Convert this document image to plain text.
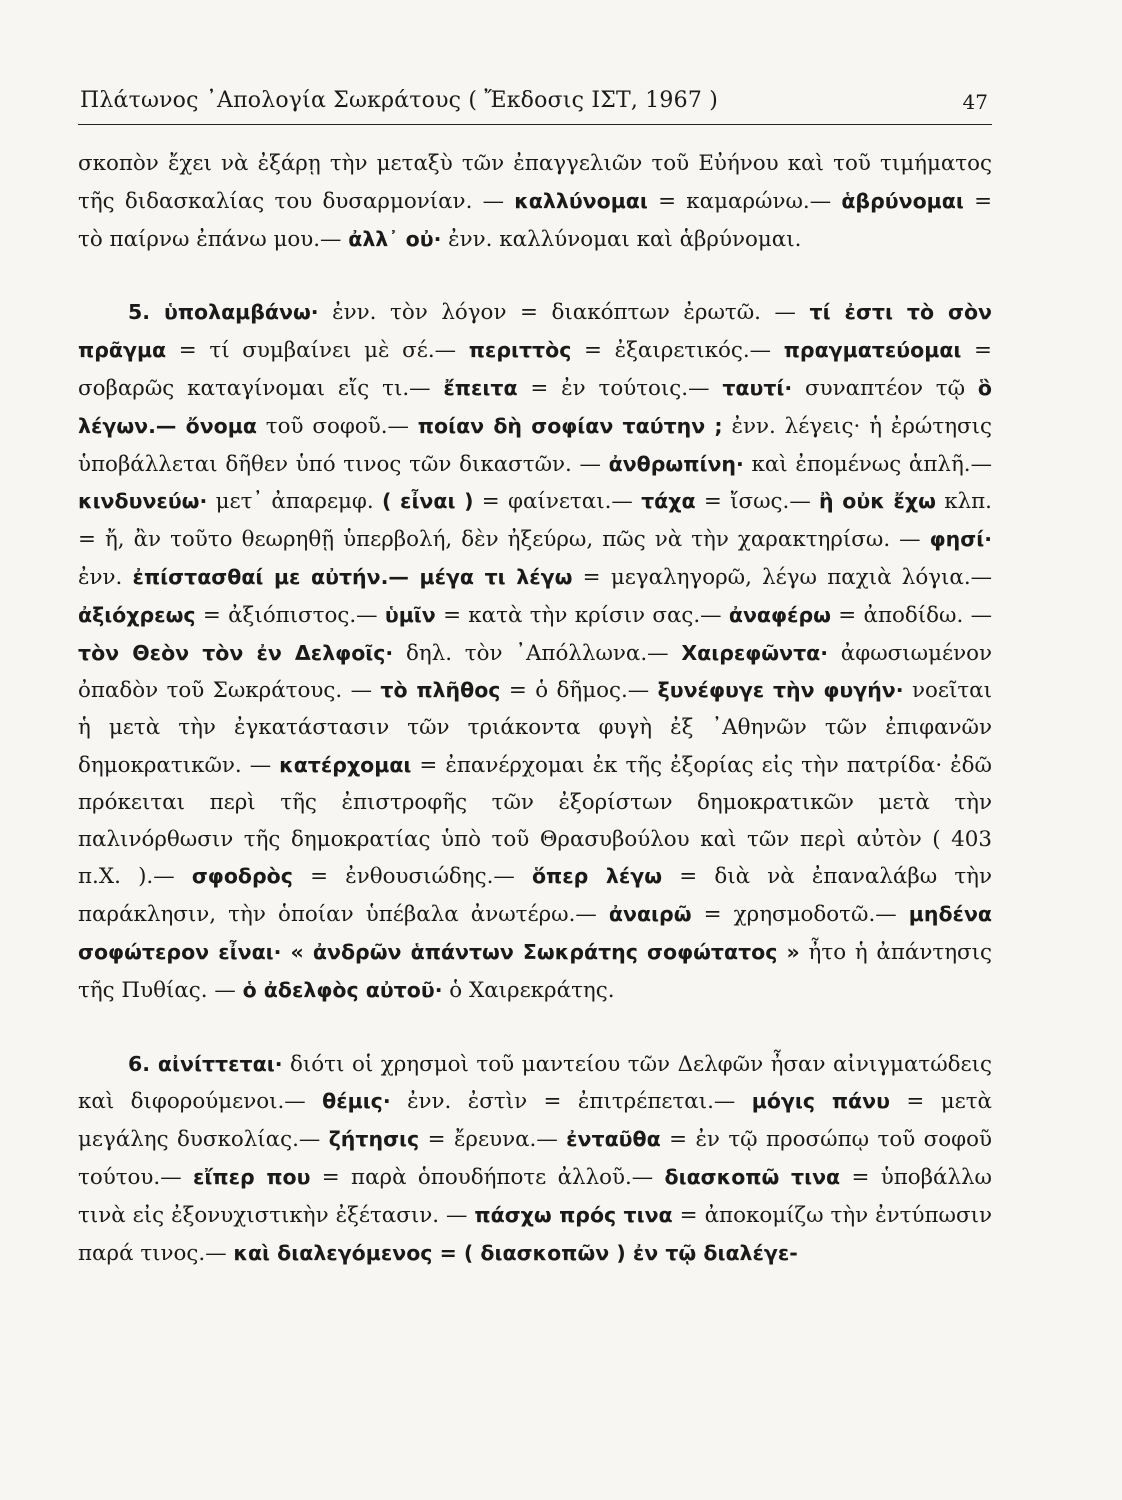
Πλάτωνος ᾿Απολογία Σωκράτους ( Ἔκδοσις ΙΣΤ, 1967 )	47

σκοπὸν ἔχει νὰ ἐξάρῃ τὴν μεταξὺ τῶν ἐπαγγελιῶν τοῦ Εὐήνου καὶ τοῦ τιμήματος τῆς διδασκαλίας του δυσαρμονίαν. — καλλύνομαι = καμαρώνω.— ἁβρύνομαι = τὸ παίρνω ἐπάνω μου.— ἀλλ᾿ οὐ· ἐνν. καλλύνομαι καὶ ἁβρύνομαι.

5. ὑπολαμβάνω· ἐνν. τὸν λόγον = διακόπτων ἐρωτῶ. — τί ἐστι τὸ σὸν πρᾶγμα = τί συμβαίνει μὲ σέ.— περιττὸς = ἐξαιρετικός.— πραγματεύομαι = σοβαρῶς καταγίνομαι εἴς τι.— ἔπειτα = ἐν τούτοις.— ταυτί· συναπτέον τῷ ὃ λέγων.— ὄνομα τοῦ σοφοῦ.— ποίαν δὴ σοφίαν ταύτην ; ἐνν. λέγεις· ἡ ἐρώτησις ὑποβάλλεται δῆθεν ὑπό τινος τῶν δικαστῶν. — ἀνθρωπίνη· καὶ ἐπομένως ἁπλῆ.— κινδυνεύω· μετ᾿ ἀπαρεμφ. ( εἶναι ) = φαίνεται.— τάχα = ἴσως.— ἢ οὐκ ἔχω κλπ. = ἤ, ἂν τοῦτο θεωρηθῇ ὑπερβολή, δὲν ἠξεύρω, πῶς νὰ τὴν χαρακτηρίσω. — φησί· ἐνν. ἐπίστασθαί με αὐτήν.— μέγα τι λέγω = μεγαληγορῶ, λέγω παχιὰ λόγια.—ἀξιόχρεως = ἀξιόπιστος.— ὑμῖν = κατὰ τὴν κρίσιν σας.— ἀναφέρω = ἀποδίδω. — τὸν Θεὸν τὸν ἐν Δελφοῖς· δηλ. τὸν ᾿Απόλλωνα.— Χαιρεφῶντα· ἀφωσιωμένον ὀπαδὸν τοῦ Σωκράτους. — τὸ πλῆθος = ὁ δῆμος.— ξυνέφυγε τὴν φυγήν· νοεῖται ἡ μετὰ τὴν ἐγκατάστασιν τῶν τριάκοντα φυγὴ ἐξ ᾿Αθηνῶν τῶν ἐπιφανῶν δημοκρατικῶν. — κατέρχομαι = ἐπανέρχομαι ἐκ τῆς ἐξορίας εἰς τὴν πατρίδα· ἐδῶ πρόκειται περὶ τῆς ἐπιστροφῆς τῶν ἐξορίστων δημοκρατικῶν μετὰ τὴν παλινόρθωσιν τῆς δημοκρατίας ὑπὸ τοῦ Θρασυβούλου καὶ τῶν περὶ αὐτὸν ( 403 π.Χ. ).— σφοδρὸς = ἐνθουσιώδης.— ὅπερ λέγω = διὰ νὰ ἐπαναλάβω τὴν παράκλησιν, τὴν ὁποίαν ὑπέβαλα ἀνωτέρω.— ἀναιρῶ = χρησμοδοτῶ.— μηδένα σοφώτερον εἶναι· « ἀνδρῶν ἁπάντων Σωκράτης σοφώτατος » ἦτο ἡ ἀπάντησις τῆς Πυθίας. — ὁ ἀδελφὸς αὐτοῦ· ὁ Χαιρεκράτης.

6. αἰνίττεται· διότι οἱ χρησμοὶ τοῦ μαντείου τῶν Δελφῶν ἦσαν αἰνιγματώδεις καὶ διφορούμενοι.— θέμις· ἐνν. ἐστὶν = ἐπιτρέπεται.— μόγις πάνυ = μετὰ μεγάλης δυσκολίας.— ζήτησις = ἔρευνα.— ἐνταῦθα = ἐν τῷ προσώπῳ τοῦ σοφοῦ τούτου.— εἴπερ που = παρὰ ὁπουδήποτε ἀλλοῦ.— διασκοπῶ τινα = ὑποβάλλω τινὰ εἰς ἐξονυχιστικὴν ἐξέτασιν. — πάσχω πρός τινα = ἀποκομίζω τὴν ἐντύπωσιν παρά τινος.— καὶ διαλεγόμενος = ( διασκοπῶν ) ἐν τῷ διαλέγε-
